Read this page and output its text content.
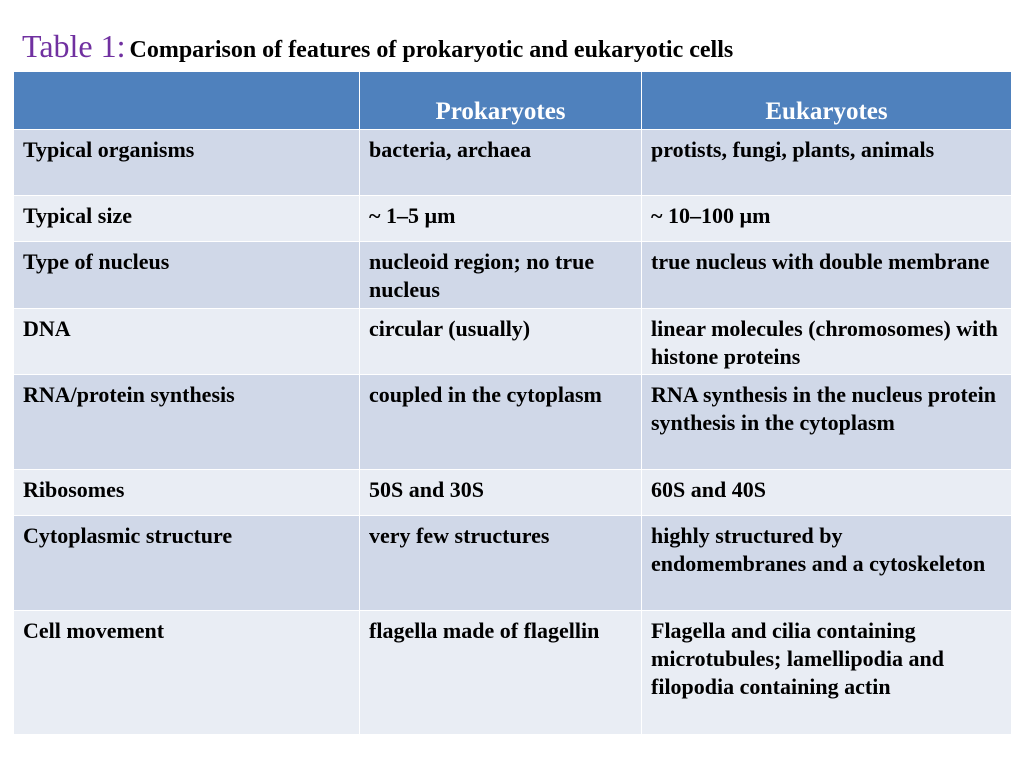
Table 1: Comparison of features of prokaryotic and eukaryotic cells
	Prokaryotes	Eukaryotes
Typical organisms	bacteria, archaea	protists, fungi, plants, animals
Typical size	~ 1–5 µm	~ 10–100 µm
Type of nucleus	nucleoid region; no true nucleus	true nucleus with double membrane
DNA	circular (usually)	linear molecules (chromosomes) with histone proteins
RNA/protein synthesis	coupled in the cytoplasm	RNA synthesis in the nucleus protein synthesis in the cytoplasm
Ribosomes	50S and 30S	60S and 40S
Cytoplasmic structure	very few structures	highly structured by endomembranes and a cytoskeleton
Cell movement	flagella made of flagellin	Flagella and cilia containing microtubules; lamellipodia and filopodia containing actin
